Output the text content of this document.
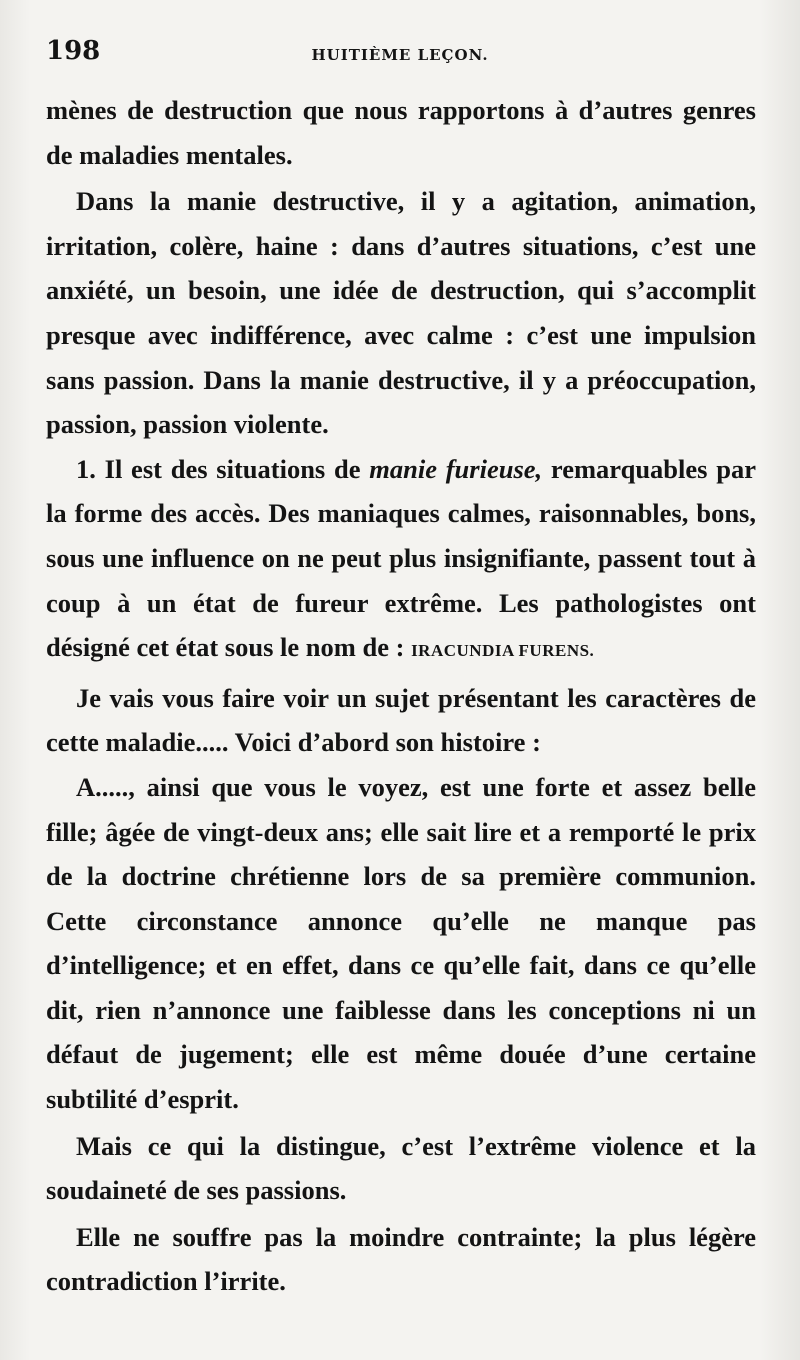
198	HUITIÈME LEÇON.

mènes de destruction que nous rapportons à d’autres genres de maladies mentales.

Dans la manie destructive, il y a agitation, animation, irritation, colère, haine : dans d’autres situations, c’est une anxiété, un besoin, une idée de destruction, qui s’accomplit presque avec indifférence, avec calme : c’est une impulsion sans passion. Dans la manie destructive, il y a préoccupation, passion, passion violente.

1. Il est des situations de manie furieuse, remarquables par la forme des accès. Des maniaques calmes, raisonnables, bons, sous une influence on ne peut plus insignifiante, passent tout à coup à un état de fureur extrême. Les pathologistes ont désigné cet état sous le nom de : IRACUNDIA FURENS.

Je vais vous faire voir un sujet présentant les caractères de cette maladie..... Voici d’abord son histoire :

A....., ainsi que vous le voyez, est une forte et assez belle fille; âgée de vingt-deux ans; elle sait lire et a remporté le prix de la doctrine chrétienne lors de sa première communion. Cette circonstance annonce qu’elle ne manque pas d’intelligence; et en effet, dans ce qu’elle fait, dans ce qu’elle dit, rien n’annonce une faiblesse dans les conceptions ni un défaut de jugement; elle est même douée d’une certaine subtilité d’esprit.

Mais ce qui la distingue, c’est l’extrême violence et la soudaineté de ses passions.

Elle ne souffre pas la moindre contrainte; la plus légère contradiction l’irrite.
